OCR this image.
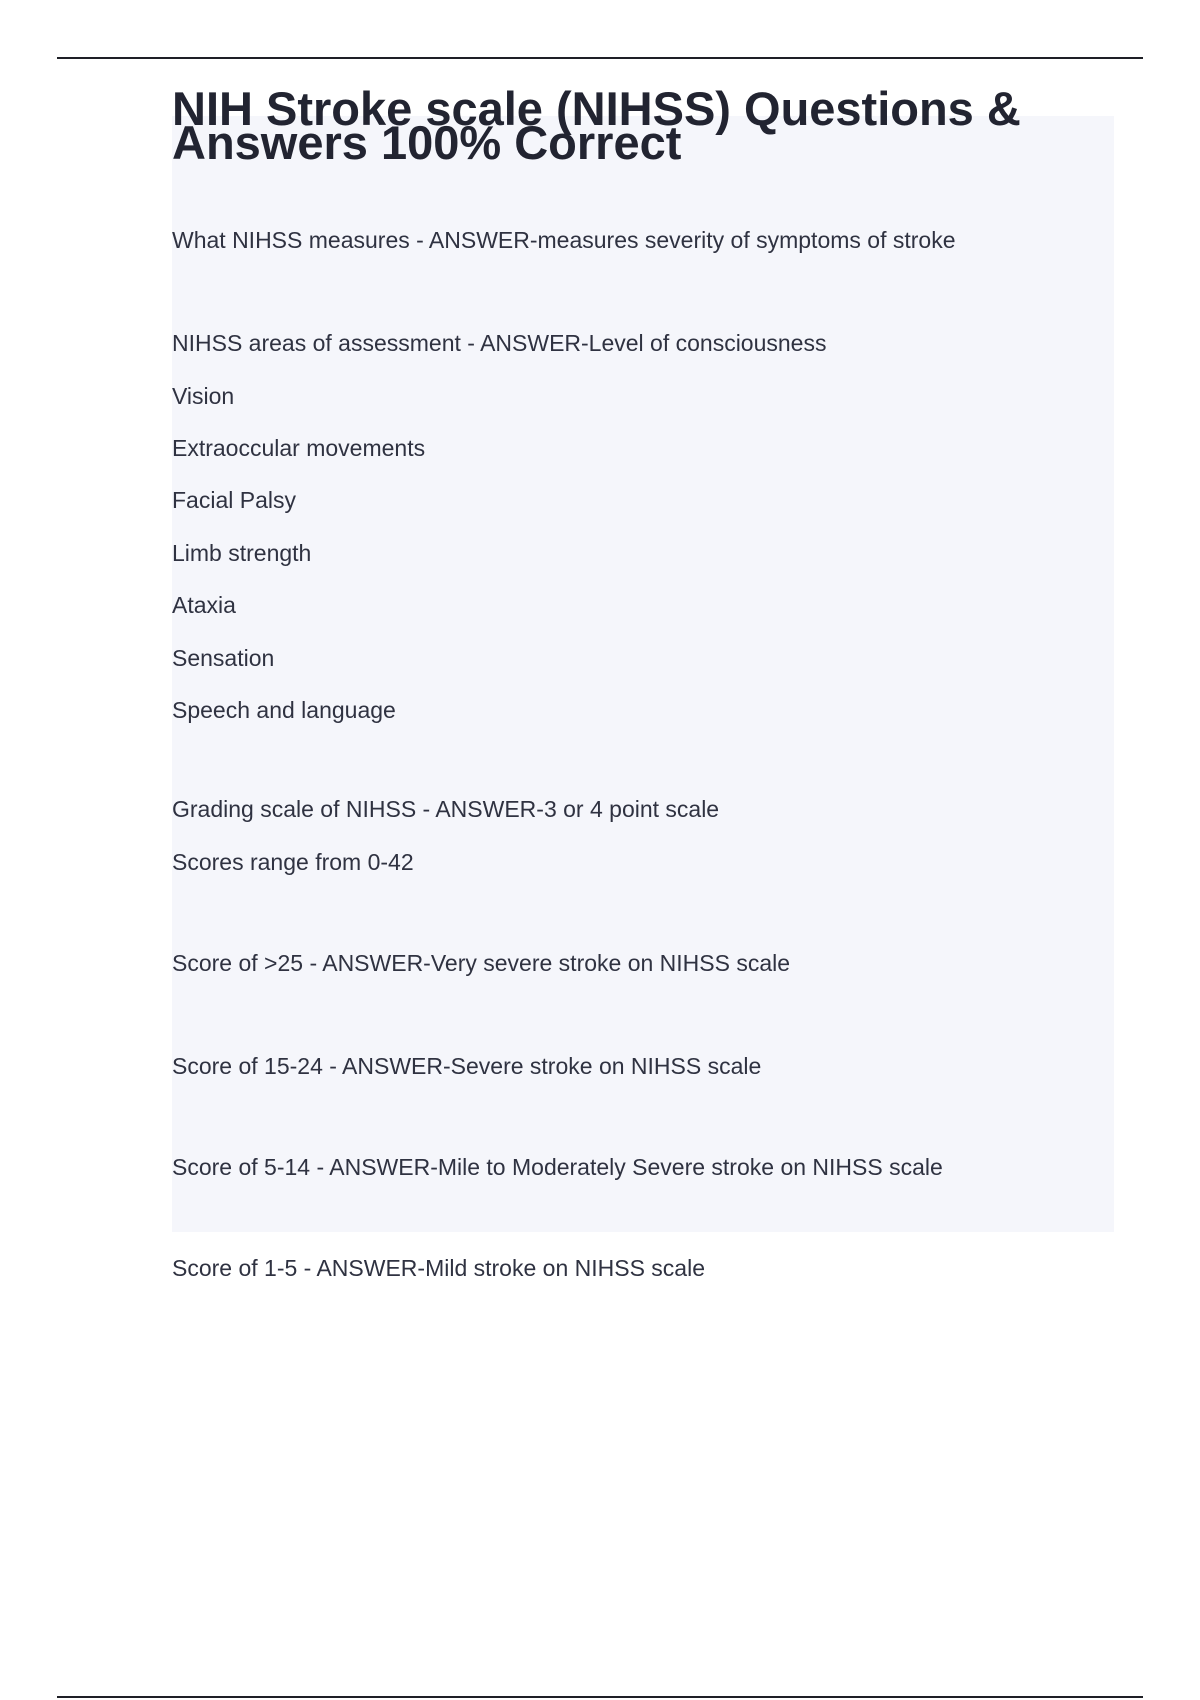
NIH Stroke scale (NIHSS) Questions & Answers 100% Correct

What NIHSS measures - ANSWER-measures severity of symptoms of stroke

NIHSS areas of assessment - ANSWER-Level of consciousness

Vision

Extraoccular movements

Facial Palsy

Limb strength

Ataxia

Sensation

Speech and language

Grading scale of NIHSS - ANSWER-3 or 4 point scale

Scores range from 0-42

Score of >25 - ANSWER-Very severe stroke on NIHSS scale

Score of 15-24 - ANSWER-Severe stroke on NIHSS scale

Score of 5-14 - ANSWER-Mile to Moderately Severe stroke on NIHSS scale

Score of 1-5 - ANSWER-Mild stroke on NIHSS scale
